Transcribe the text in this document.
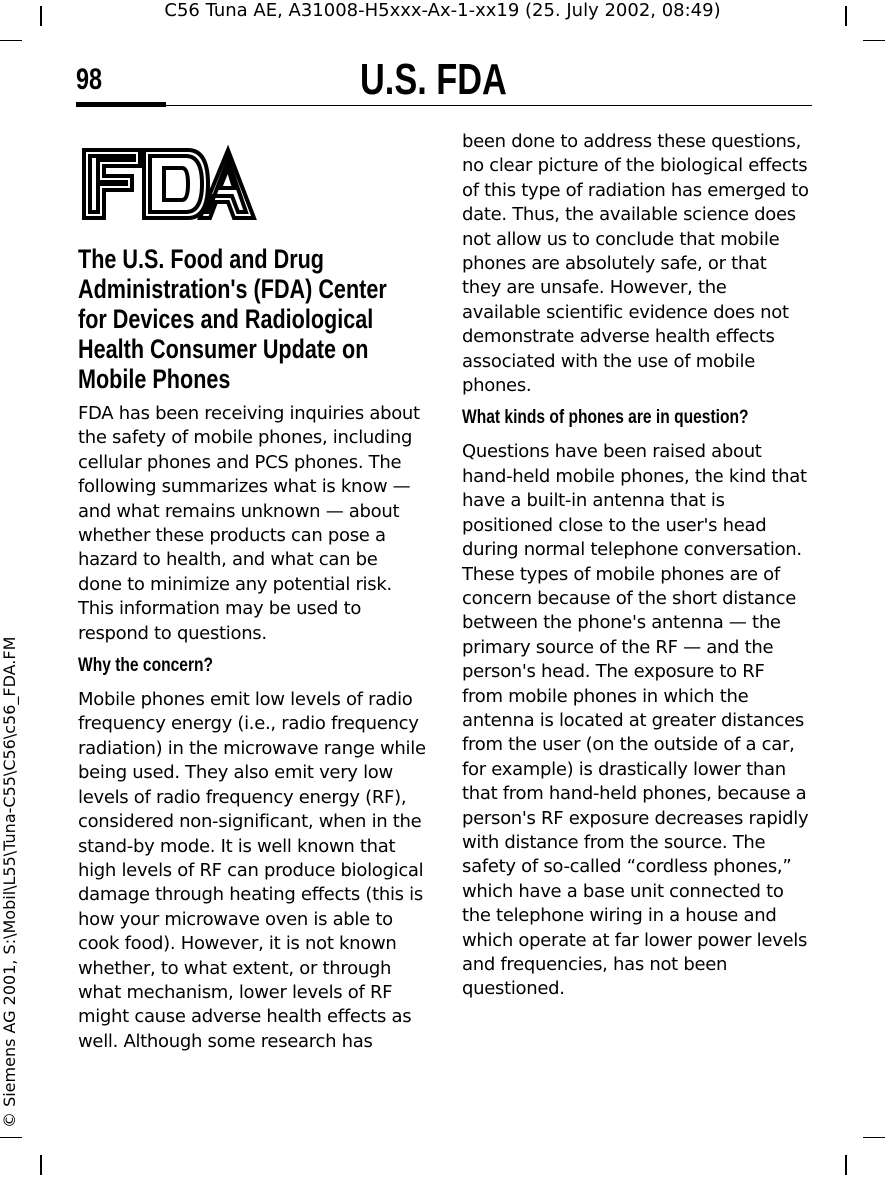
C56 Tuna AE, A31008-H5xxx-Ax-1-xx19 (25. July 2002, 08:49)
98	U.S. FDA
© Siemens AG 2001, S:\Mobil\L55\Tuna-C55\C56\c56_FDA.FM
The U.S. Food and Drug Administration's (FDA) Center for Devices and Radiological Health Consumer Update on Mobile Phones

FDA has been receiving inquiries about the safety of mobile phones, including cellular phones and PCS phones. The following summarizes what is know — and what remains unknown — about whether these products can pose a hazard to health, and what can be done to minimize any potential risk. This information may be used to respond to questions.

Why the concern?

Mobile phones emit low levels of radio frequency energy (i.e., radio frequency radiation) in the microwave range while being used. They also emit very low levels of radio frequency energy (RF), considered non-significant, when in the stand-by mode. It is well known that high levels of RF can produce biological damage through heating effects (this is how your microwave oven is able to cook food). However, it is not known whether, to what extent, or through what mechanism, lower levels of RF might cause adverse health effects as well. Although some research has

been done to address these questions, no clear picture of the biological effects of this type of radiation has emerged to date. Thus, the available science does not allow us to conclude that mobile phones are absolutely safe, or that they are unsafe. However, the available scientific evidence does not demonstrate adverse health effects associated with the use of mobile phones.

What kinds of phones are in question?

Questions have been raised about hand-held mobile phones, the kind that have a built-in antenna that is positioned close to the user's head during normal telephone conversation. These types of mobile phones are of concern because of the short distance between the phone's antenna — the primary source of the RF — and the person's head. The exposure to RF from mobile phones in which the antenna is located at greater distances from the user (on the outside of a car, for example) is drastically lower than that from hand-held phones, because a person's RF exposure decreases rapidly with distance from the source. The safety of so-called “cordless phones,” which have a base unit connected to the telephone wiring in a house and which operate at far lower power levels and frequencies, has not been questioned.
